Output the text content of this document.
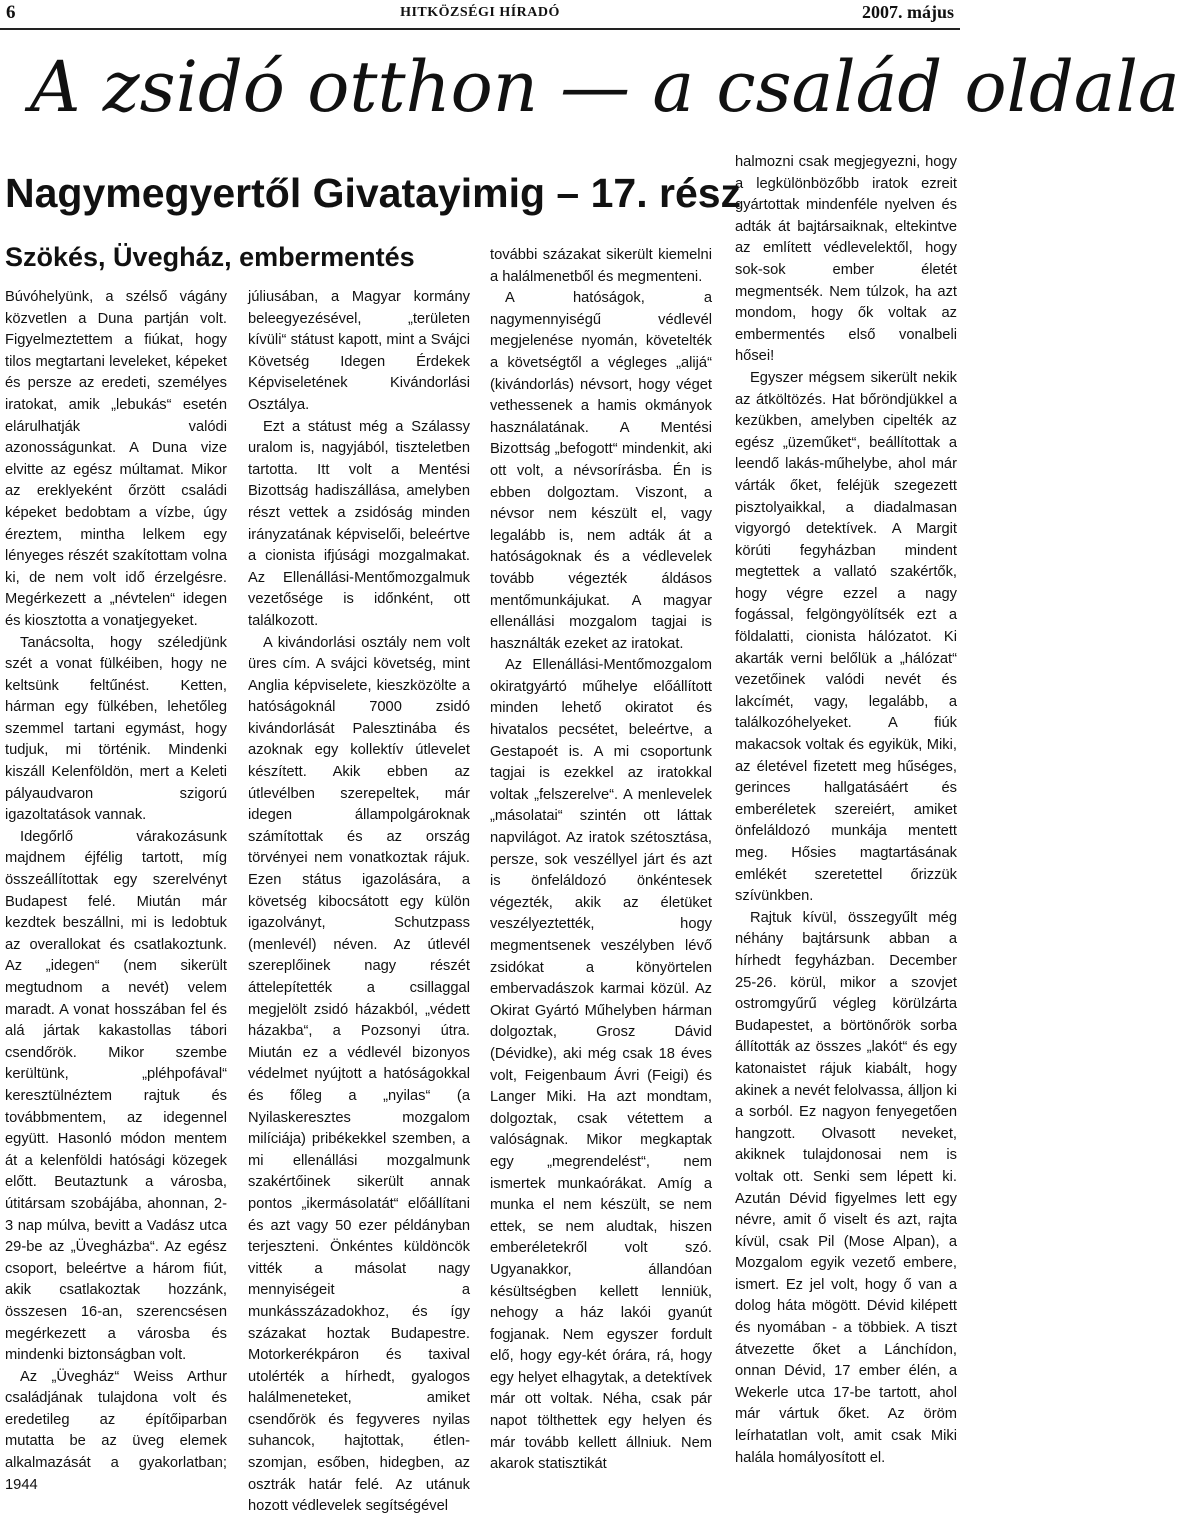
6	HITKÖZSÉGI HÍRADÓ	2007. május
A zsidó otthon — a család oldala
Nagymegyertől Givatayimig – 17. rész
Szökés, Üvegház, embermentés

Búvóhelyünk, a szélső vágány közvetlen a Duna partján volt. Figyelmeztettem a fiúkat, hogy tilos megtartani leveleket, képeket és persze az eredeti, személyes iratokat, amik „lebukás“ esetén elárulhatják valódi azonosságunkat. A Duna vize elvitte az egész múltamat. Mikor az ereklyeként őrzött családi képeket bedobtam a vízbe, úgy éreztem, mintha lelkem egy lényeges részét szakítottam volna ki, de nem volt idő érzelgésre. Megérkezett a „névtelen“ idegen és kiosztotta a vonatjegyeket.

Tanácsolta, hogy széledjünk szét a vonat fülkéiben, hogy ne keltsünk feltűnést. Ketten, hárman egy fülkében, lehetőleg szemmel tartani egymást, hogy tudjuk, mi történik. Mindenki kiszáll Kelenföldön, mert a Keleti pályaudvaron szigorú igazoltatások vannak.

Idegőrlő várakozásunk majdnem éjfélig tartott, míg összeállítottak egy szerelvényt Budapest felé. Miután már kezdtek beszállni, mi is ledobtuk az overallokat és csatlakoztunk. Az „idegen“ (nem sikerült megtudnom a nevét) velem maradt. A vonat hosszában fel és alá jártak kakastollas tábori csendőrök. Mikor szembe kerültünk, „pléhpofával“ keresztülnéztem rajtuk és továbbmentem, az idegennel együtt. Hasonló módon mentem át a kelenföldi hatósági közegek előtt. Beutaztunk a városba, útitársam szobájába, ahonnan, 2-3 nap múlva, bevitt a Vadász utca 29-be az „Üvegházba“. Az egész csoport, beleértve a három fiút, akik csatlakoztak hozzánk, összesen 16-an, szerencsésen megérkezett a városba és mindenki biztonságban volt.

Az „Üvegház“ Weiss Arthur családjának tulajdona volt és eredetileg az építőiparban mutatta be az üveg elemek alkalmazását a gyakorlatban; 1944

júliusában, a Magyar kormány beleegyezésével, „területen kívüli“ státust kapott, mint a Svájci Követség Idegen Érdekek Képviseletének Kivándorlási Osztálya.

Ezt a státust még a Szálassy uralom is, nagyjából, tiszteletben tartotta. Itt volt a Mentési Bizottság hadiszállása, amelyben részt vettek a zsidóság minden irányzatának képviselői, beleértve a cionista ifjúsági mozgalmakat. Az Ellenállási-Mentőmozgalmuk vezetősége is időnként, ott találkozott.

A kivándorlási osztály nem volt üres cím. A svájci követség, mint Anglia képviselete, kieszközölte a hatóságoknál 7000 zsidó kivándorlását Palesztinába és azoknak egy kollektív útlevelet készített. Akik ebben az útlevélben szerepeltek, már idegen állampolgároknak számítottak és az ország törvényei nem vonatkoztak rájuk. Ezen státus igazolására, a követség kibocsátott egy külön igazolványt, Schutzpass (menlevél) néven. Az útlevél szereplőinek nagy részét áttelepítették a csillaggal megjelölt zsidó házakból, „védett házakba“, a Pozsonyi útra. Miután ez a védlevél bizonyos védelmet nyújtott a hatóságokkal és főleg a „nyilas“ (a Nyilaskeresztes mozgalom milíciája) pribékekkel szemben, a mi ellenállási mozgalmunk szakértőinek sikerült annak pontos „ikermásolatát“ előállítani és azt vagy 50 ezer példányban terjeszteni. Önkéntes küldöncök vitték a másolat nagy mennyiségeit a munkásszázadokhoz, és így százakat hoztak Budapestre. Motorkerékpáron és taxival utolérték a hírhedt, gyalogos halálmeneteket, amiket csendőrök és fegyveres nyilas suhancok, hajtottak, étlen- szomjan, esőben, hidegben, az osztrák határ felé. Az utánuk hozott védlevelek segítségével

további százakat sikerült kiemelni a halálmenetből és megmenteni.

A hatóságok, a nagymennyiségű védlevél megjelenése nyomán, követelték a követségtől a végleges „alijá“ (kivándorlás) névsort, hogy véget vethessenek a hamis okmányok használatának. A Mentési Bizottság „befogott“ mindenkit, aki ott volt, a névsorírásba. Én is ebben dolgoztam. Viszont, a névsor nem készült el, vagy legalább is, nem adták át a hatóságoknak és a védlevelek tovább végezték áldásos mentőmunkájukat. A magyar ellenállási mozgalom tagjai is használták ezeket az iratokat.

Az Ellenállási-Mentőmozgalom okiratgyártó műhelye előállított minden lehető okiratot és hivatalos pecsétet, beleértve, a Gestapoét is. A mi csoportunk tagjai is ezekkel az iratokkal voltak „felszerelve“. A menlevelek „másolatai“ szintén ott láttak napvilágot. Az iratok szétosztása, persze, sok veszéllyel járt és azt is önfeláldozó önkéntesek végezték, akik az életüket veszélyeztették, hogy megmentsenek veszélyben lévő zsidókat a könyörtelen embervadászok karmai közül. Az Okirat Gyártó Műhelyben hárman dolgoztak, Grosz Dávid (Dévidke), aki még csak 18 éves volt, Feigenbaum Ávri (Feigi) és Langer Miki. Ha azt mondtam, dolgoztak, csak vétettem a valóságnak. Mikor megkaptak egy „megrendelést“, nem ismertek munkaórákat. Amíg a munka el nem készült, se nem ettek, se nem aludtak, hiszen emberéletekről volt szó. Ugyanakkor, állandóan késültségben kellett lenniük, nehogy a ház lakói gyanút fogjanak. Nem egyszer fordult elő, hogy egy-két órára, rá, hogy egy helyet elhagytak, a detektívek már ott voltak. Néha, csak pár napot tölthettek egy helyen és már tovább kellett állniuk. Nem akarok statisztikát

halmozni csak megjegyezni, hogy a legkülönbözőbb iratok ezreit gyártottak mindenféle nyelven és adták át bajtársaiknak, eltekintve az említett védlevelektől, hogy sok-sok ember életét megmentsék. Nem túlzok, ha azt mondom, hogy ők voltak az embermentés első vonalbeli hősei!

Egyszer mégsem sikerült nekik az átköltözés. Hat bőröndjükkel a kezükben, amelyben cipelték az egész „üzeműket“, beállítottak a leendő lakás-műhelybe, ahol már várták őket, feléjük szegezett pisztolyaikkal, a diadalmasan vigyorgó detektívek. A Margit körúti fegyházban mindent megtettek a vallató szakértők, hogy végre ezzel a nagy fogással, felgöngyölítsék ezt a földalatti, cionista hálózatot. Ki akarták verni belőlük a „hálózat“ vezetőinek valódi nevét és lakcímét, vagy, legalább, a találkozóhelyeket. A fiúk makacsok voltak és egyikük, Miki, az életével fizetett meg hűséges, gerinces hallgatásáért és emberéletek szereiért, amiket önfeláldozó munkája mentett meg. Hősies magtartásának emlékét szeretettel őrizzük szívünkben.

Rajtuk kívül, összegyűlt még néhány bajtársunk abban a hírhedt fegyházban. December 25-26. körül, mikor a szovjet ostromgyűrű végleg körülzárta Budapestet, a börtönőrök sorba állították az összes „lakót“ és egy katonaistet rájuk kiabált, hogy akinek a nevét felolvassa, álljon ki a sorból. Ez nagyon fenyegetően hangzott. Olvasott neveket, akiknek tulajdonosai nem is voltak ott. Senki sem lépett ki. Azután Dévid figyelmes lett egy névre, amit ő viselt és azt, rajta kívül, csak Pil (Mose Alpan), a Mozgalom egyik vezető embere, ismert. Ez jel volt, hogy ő van a dolog háta mögött. Dévid kilépett és nyomában - a többiek. A tiszt átvezette őket a Lánchídon, onnan Dévid, 17 ember élén, a Wekerle utca 17-be tartott, ahol már vártuk őket. Az öröm leírhatatlan volt, amit csak Miki halála homályosított el.
